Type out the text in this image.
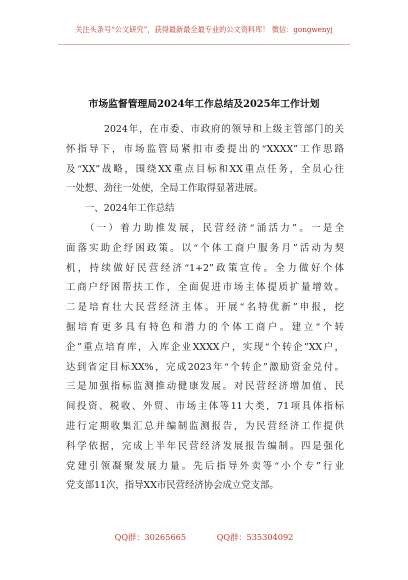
关注头条号“公文研究”，获得最新最全最专业的公文资料库！ 微信：gongwenyj
市场监督管理局2024年工作总结及2025年工作计划
2024年，在市委、市政府的领导和上级主管部门的关
怀指导下，市场监管局紧扣市委提出的“XXXX”工作思路
及“XX”战略，围绕XX重点目标和XX重点任务，全员心往
一处想、劲往一处使，全局工作取得显著进展。
一、2024年工作总结
（一）着力助推发展，民营经济“涌活力”。一是全
面落实助企纾困政策。以“个体工商户服务月”活动为契
机，持续做好民营经济“1+2”政策宣传。全力做好个体
工商户纾困帮扶工作，全面促进市场主体提质扩量增效。
二是培育壮大民营经济主体。开展“名特优新”申报，挖
掘培育更多具有特色和潜力的个体工商户。建立“个转
企”重点培育库，入库企业XXXX户，实现“个转企”XX户，
达到省定目标XX%，完成2023年“个转企”激励资金兑付。
三是加强指标监测推动健康发展。对民营经济增加值、民
间投资、税收、外贸、市场主体等11大类，71项具体指标
进行定期收集汇总并编制监测报告，为民营经济工作提供
科学依据，完成上半年民营经济发展报告编制。四是强化
党建引领凝聚发展力量。先后指导外卖等“小个专”行业
党支部11次，指导XX市民营经济协会成立党支部。
QQ群：30265665	QQ群：535304092
